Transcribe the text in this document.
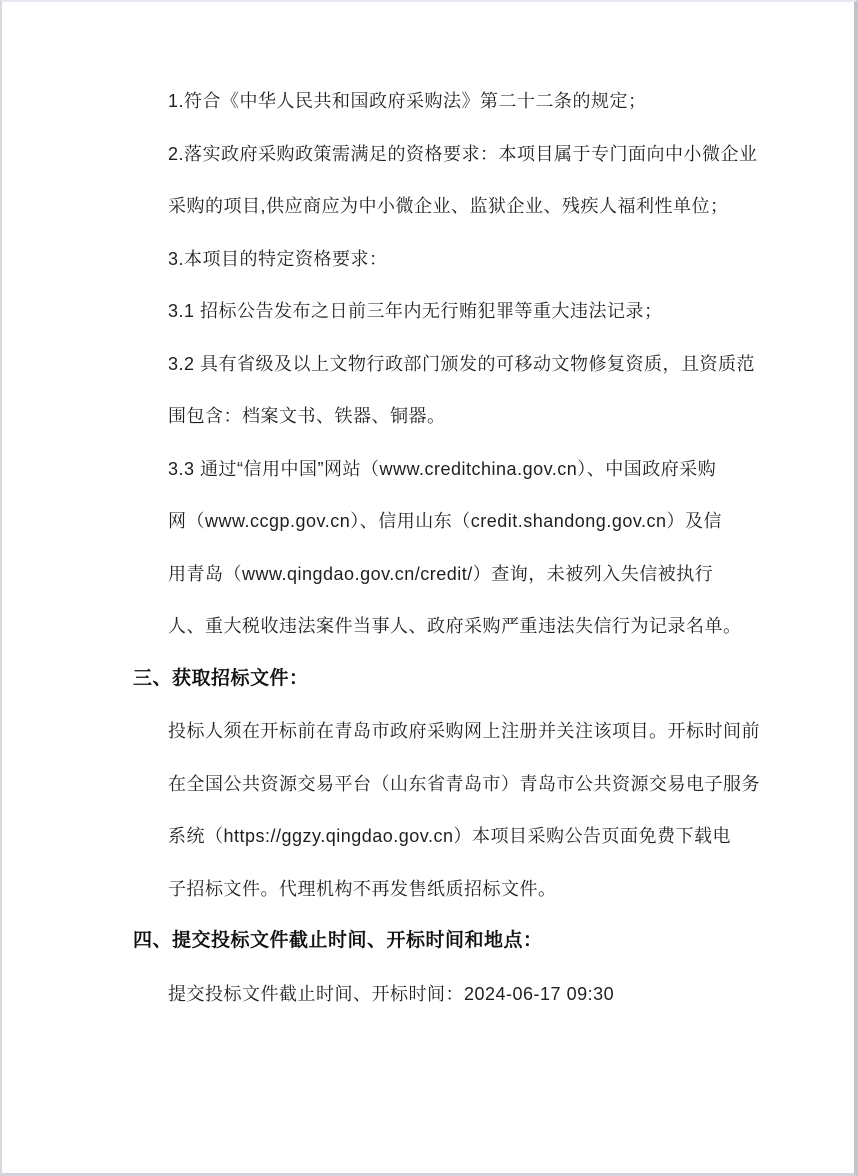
1.符合《中华人民共和国政府采购法》第二十二条的规定；

2.落实政府采购政策需满足的资格要求：本项目属于专门面向中小微企业

采购的项目,供应商应为中小微企业、监狱企业、残疾人福利性单位；

3.本项目的特定资格要求：

3.1 招标公告发布之日前三年内无行贿犯罪等重大违法记录；

3.2 具有省级及以上文物行政部门颁发的可移动文物修复资质，且资质范

围包含：档案文书、铁器、铜器。

3.3 通过“信用中国”网站（www.creditchina.gov.cn）、中国政府采购

网（www.ccgp.gov.cn）、信用山东（credit.shandong.gov.cn）及信

用青岛（www.qingdao.gov.cn/credit/）查询，未被列入失信被执行

人、重大税收违法案件当事人、政府采购严重违法失信行为记录名单。

三、获取招标文件：

投标人须在开标前在青岛市政府采购网上注册并关注该项目。开标时间前

在全国公共资源交易平台（山东省青岛市）青岛市公共资源交易电子服务

系统（https://ggzy.qingdao.gov.cn）本项目采购公告页面免费下载电

子招标文件。代理机构不再发售纸质招标文件。

四、提交投标文件截止时间、开标时间和地点：

提交投标文件截止时间、开标时间：2024-06-17 09:30
